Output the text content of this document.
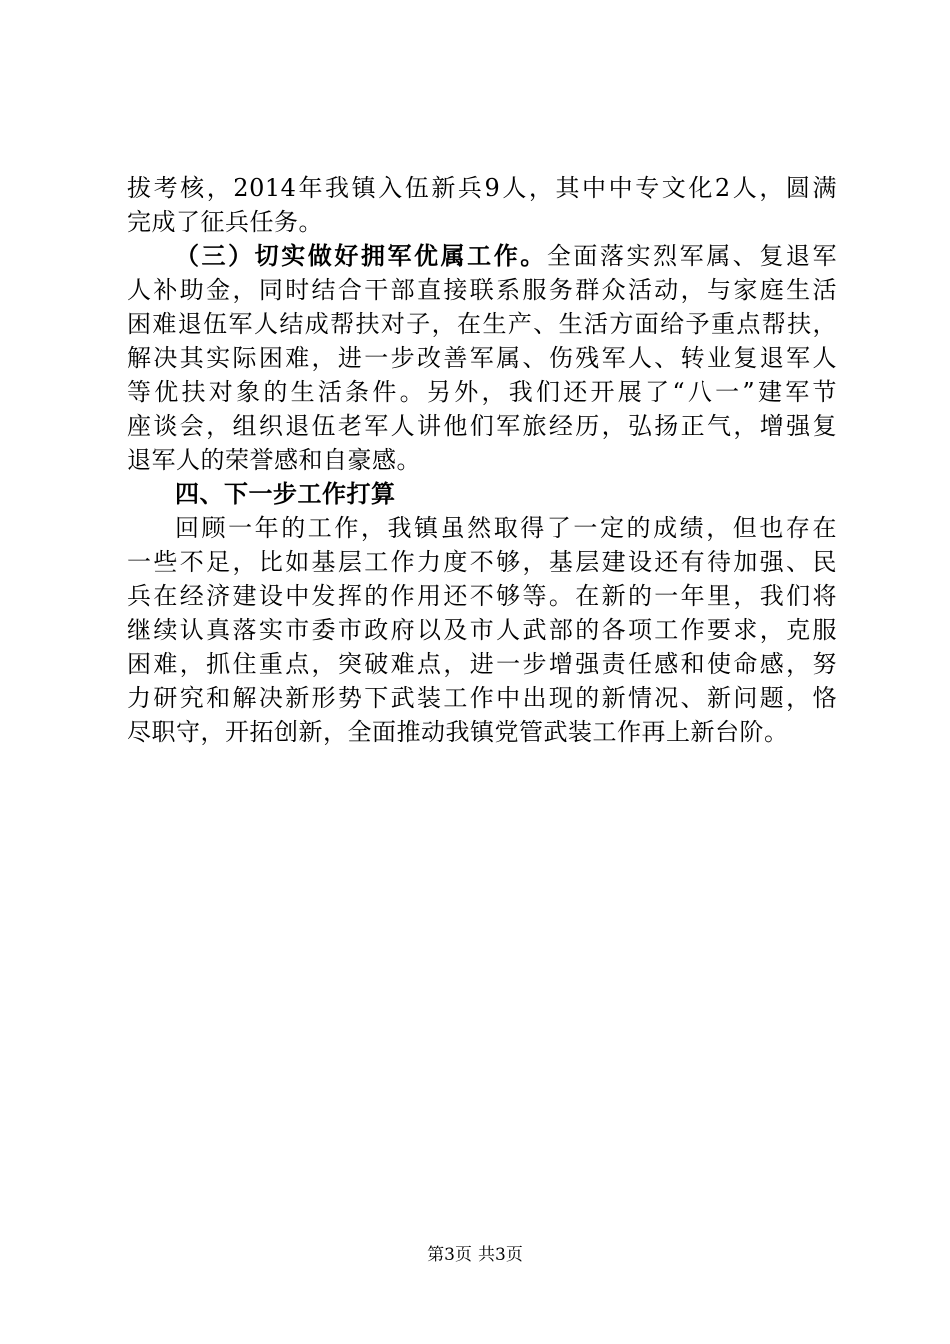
拔考核，2014年我镇入伍新兵9人，其中中专文化2人，圆满
完成了征兵任务。
（三）切实做好拥军优属工作。全面落实烈军属、复退军
人补助金，同时结合干部直接联系服务群众活动，与家庭生活
困难退伍军人结成帮扶对子，在生产、生活方面给予重点帮扶，
解决其实际困难，进一步改善军属、伤残军人、转业复退军人
等优扶对象的生活条件。另外，我们还开展了“八一”建军节
座谈会，组织退伍老军人讲他们军旅经历，弘扬正气，增强复
退军人的荣誉感和自豪感。
四、下一步工作打算
回顾一年的工作，我镇虽然取得了一定的成绩，但也存在
一些不足，比如基层工作力度不够，基层建设还有待加强、民
兵在经济建设中发挥的作用还不够等。在新的一年里，我们将
继续认真落实市委市政府以及市人武部的各项工作要求，克服
困难，抓住重点，突破难点，进一步增强责任感和使命感，努
力研究和解决新形势下武装工作中出现的新情况、新问题，恪
尽职守，开拓创新，全面推动我镇党管武装工作再上新台阶。
第3页 共3页
